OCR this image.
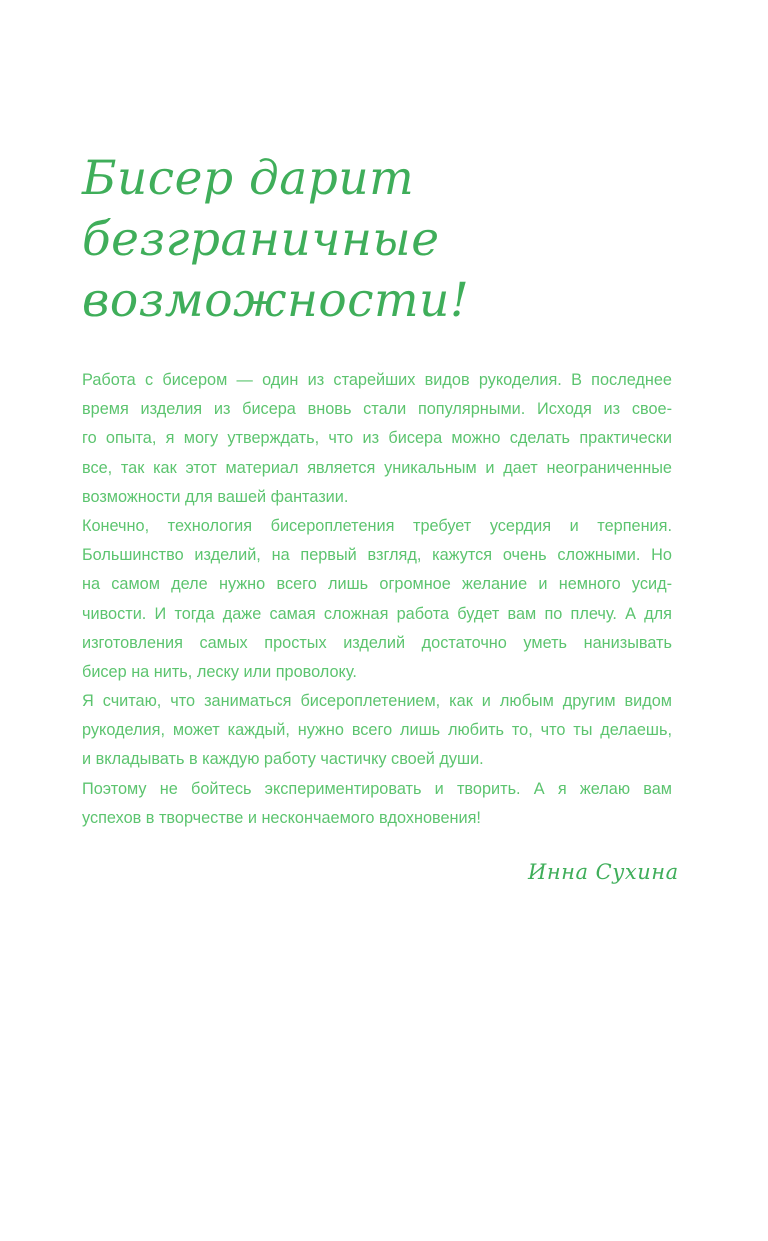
Бисер дарит
безграничные
возможности!
Работа с бисером — один из старейших видов рукоделия. В последнее
время изделия из бисера вновь стали популярными. Исходя из свое-
го опыта, я могу утверждать, что из бисера можно сделать практически
все, так как этот материал является уникальным и дает неограниченные
возможности для вашей фантазии.
Конечно, технология бисероплетения требует усердия и терпения.
Большинство изделий, на первый взгляд, кажутся очень сложными. Но
на самом деле нужно всего лишь огромное желание и немного усид-
чивости. И тогда даже самая сложная работа будет вам по плечу. А для
изготовления самых простых изделий достаточно уметь нанизывать
бисер на нить, леску или проволоку.
Я считаю, что заниматься бисероплетением, как и любым другим видом
рукоделия, может каждый, нужно всего лишь любить то, что ты делаешь,
и вкладывать в каждую работу частичку своей души.
Поэтому не бойтесь экспериментировать и творить. А я желаю вам
успехов в творчестве и нескончаемого вдохновения!
Инна Сухина
